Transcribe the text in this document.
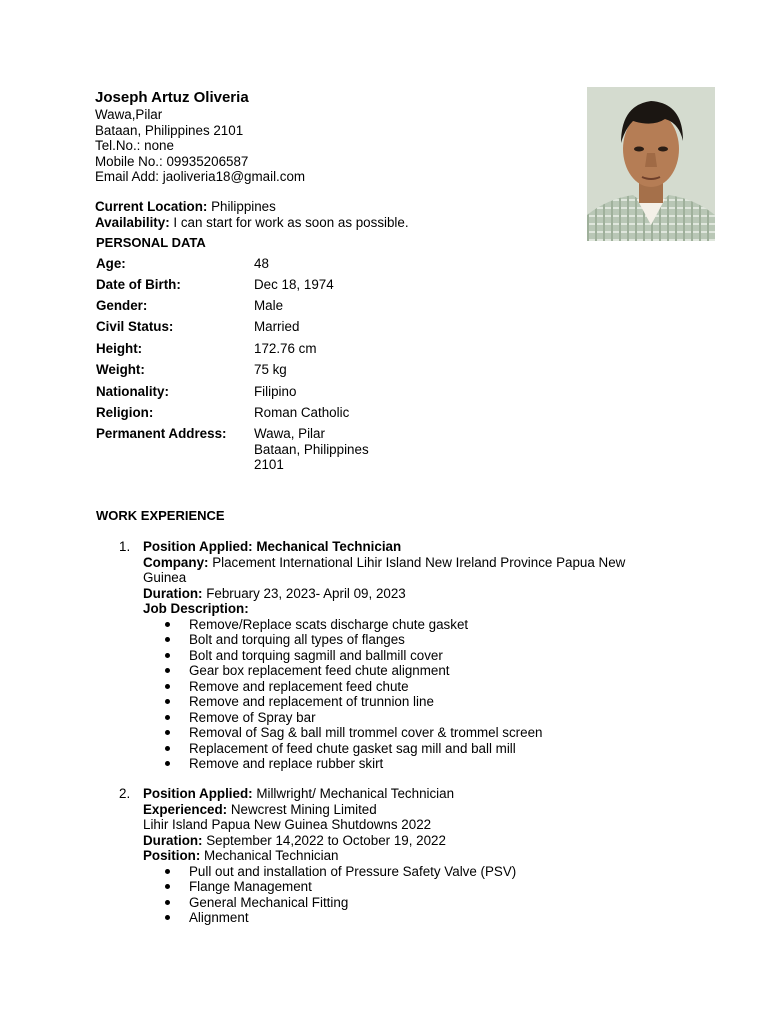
Joseph Artuz Oliveria
Wawa,Pilar
Bataan, Philippines 2101
Tel.No.: none
Mobile No.: 09935206587
Email Add: jaoliveria18@gmail.com
Current Location: Philippines
Availability: I can start for work as soon as possible.
PERSONAL DATA
Age:	48
Date of Birth:	Dec 18, 1974
Gender:	Male
Civil Status:	Married
Height:	172.76 cm
Weight:	75 kg
Nationality:	Filipino
Religion:	Roman Catholic
Permanent Address: Wawa, Pilar
Bataan, Philippines
2101
WORK EXPERIENCE
1. Position Applied: Mechanical Technician
Company: Placement International Lihir Island New Ireland Province Papua New
Guinea
Duration: February 23, 2023- April 09, 2023
Job Description:
Remove/Replace scats discharge chute gasket
Bolt and torquing all types of flanges
Bolt and torquing sagmill and ballmill cover
Gear box replacement feed chute alignment
Remove and replacement feed chute
Remove and replacement of trunnion line
Remove of Spray bar
Removal of Sag & ball mill trommel cover & trommel screen
Replacement of feed chute gasket sag mill and ball mill
Remove and replace rubber skirt
2. Position Applied: Millwright/ Mechanical Technician
Experienced: Newcrest Mining Limited
Lihir Island Papua New Guinea Shutdowns 2022
Duration: September 14,2022 to October 19, 2022
Position: Mechanical Technician
Pull out and installation of Pressure Safety Valve (PSV)
Flange Management
General Mechanical Fitting
Alignment
